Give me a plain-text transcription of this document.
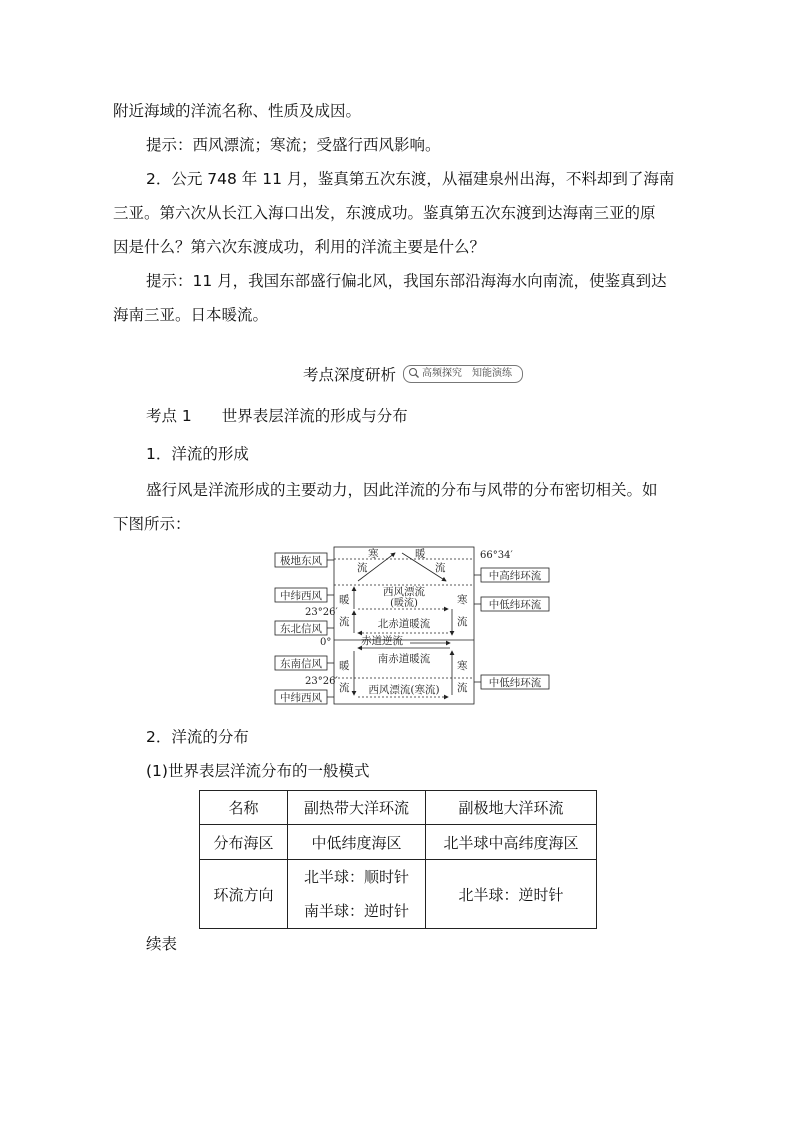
附近海域的洋流名称、性质及成因。
提示：西风漂流；寒流；受盛行西风影响。
2．公元 748 年 11 月，鉴真第五次东渡，从福建泉州出海，不料却到了海南
三亚。第六次从长江入海口出发，东渡成功。鉴真第五次东渡到达海南三亚的原
因是什么？第六次东渡成功，利用的洋流主要是什么？
提示：11 月，我国东部盛行偏北风，我国东部沿海海水向南流，使鉴真到达
海南三亚。日本暖流。
考点深度研析	高频探究　知能演练
考点 1 世界表层洋流的形成与分布
1．洋流的形成
盛行风是洋流形成的主要动力，因此洋流的分布与风带的分布密切相关。如
下图所示：
极地东风
中纬西风
东北信风
东南信风
中纬西风
66°34′
23°26′
0°
23°26′
中高纬环流
中低纬环流
中低纬环流
寒
流
暖
流
西风漂流
(暖流)
暖
流
寒
流
北赤道暖流
赤道逆流
南赤道暖流
暖
流
寒
流
西风漂流(寒流)
2．洋流的分布
(1)世界表层洋流分布的一般模式
名称	副热带大洋环流	副极地大洋环流
分布海区	中低纬度海区	北半球中高纬度海区
环流方向	北半球：顺时针
南半球：逆时针	北半球：逆时针
续表
